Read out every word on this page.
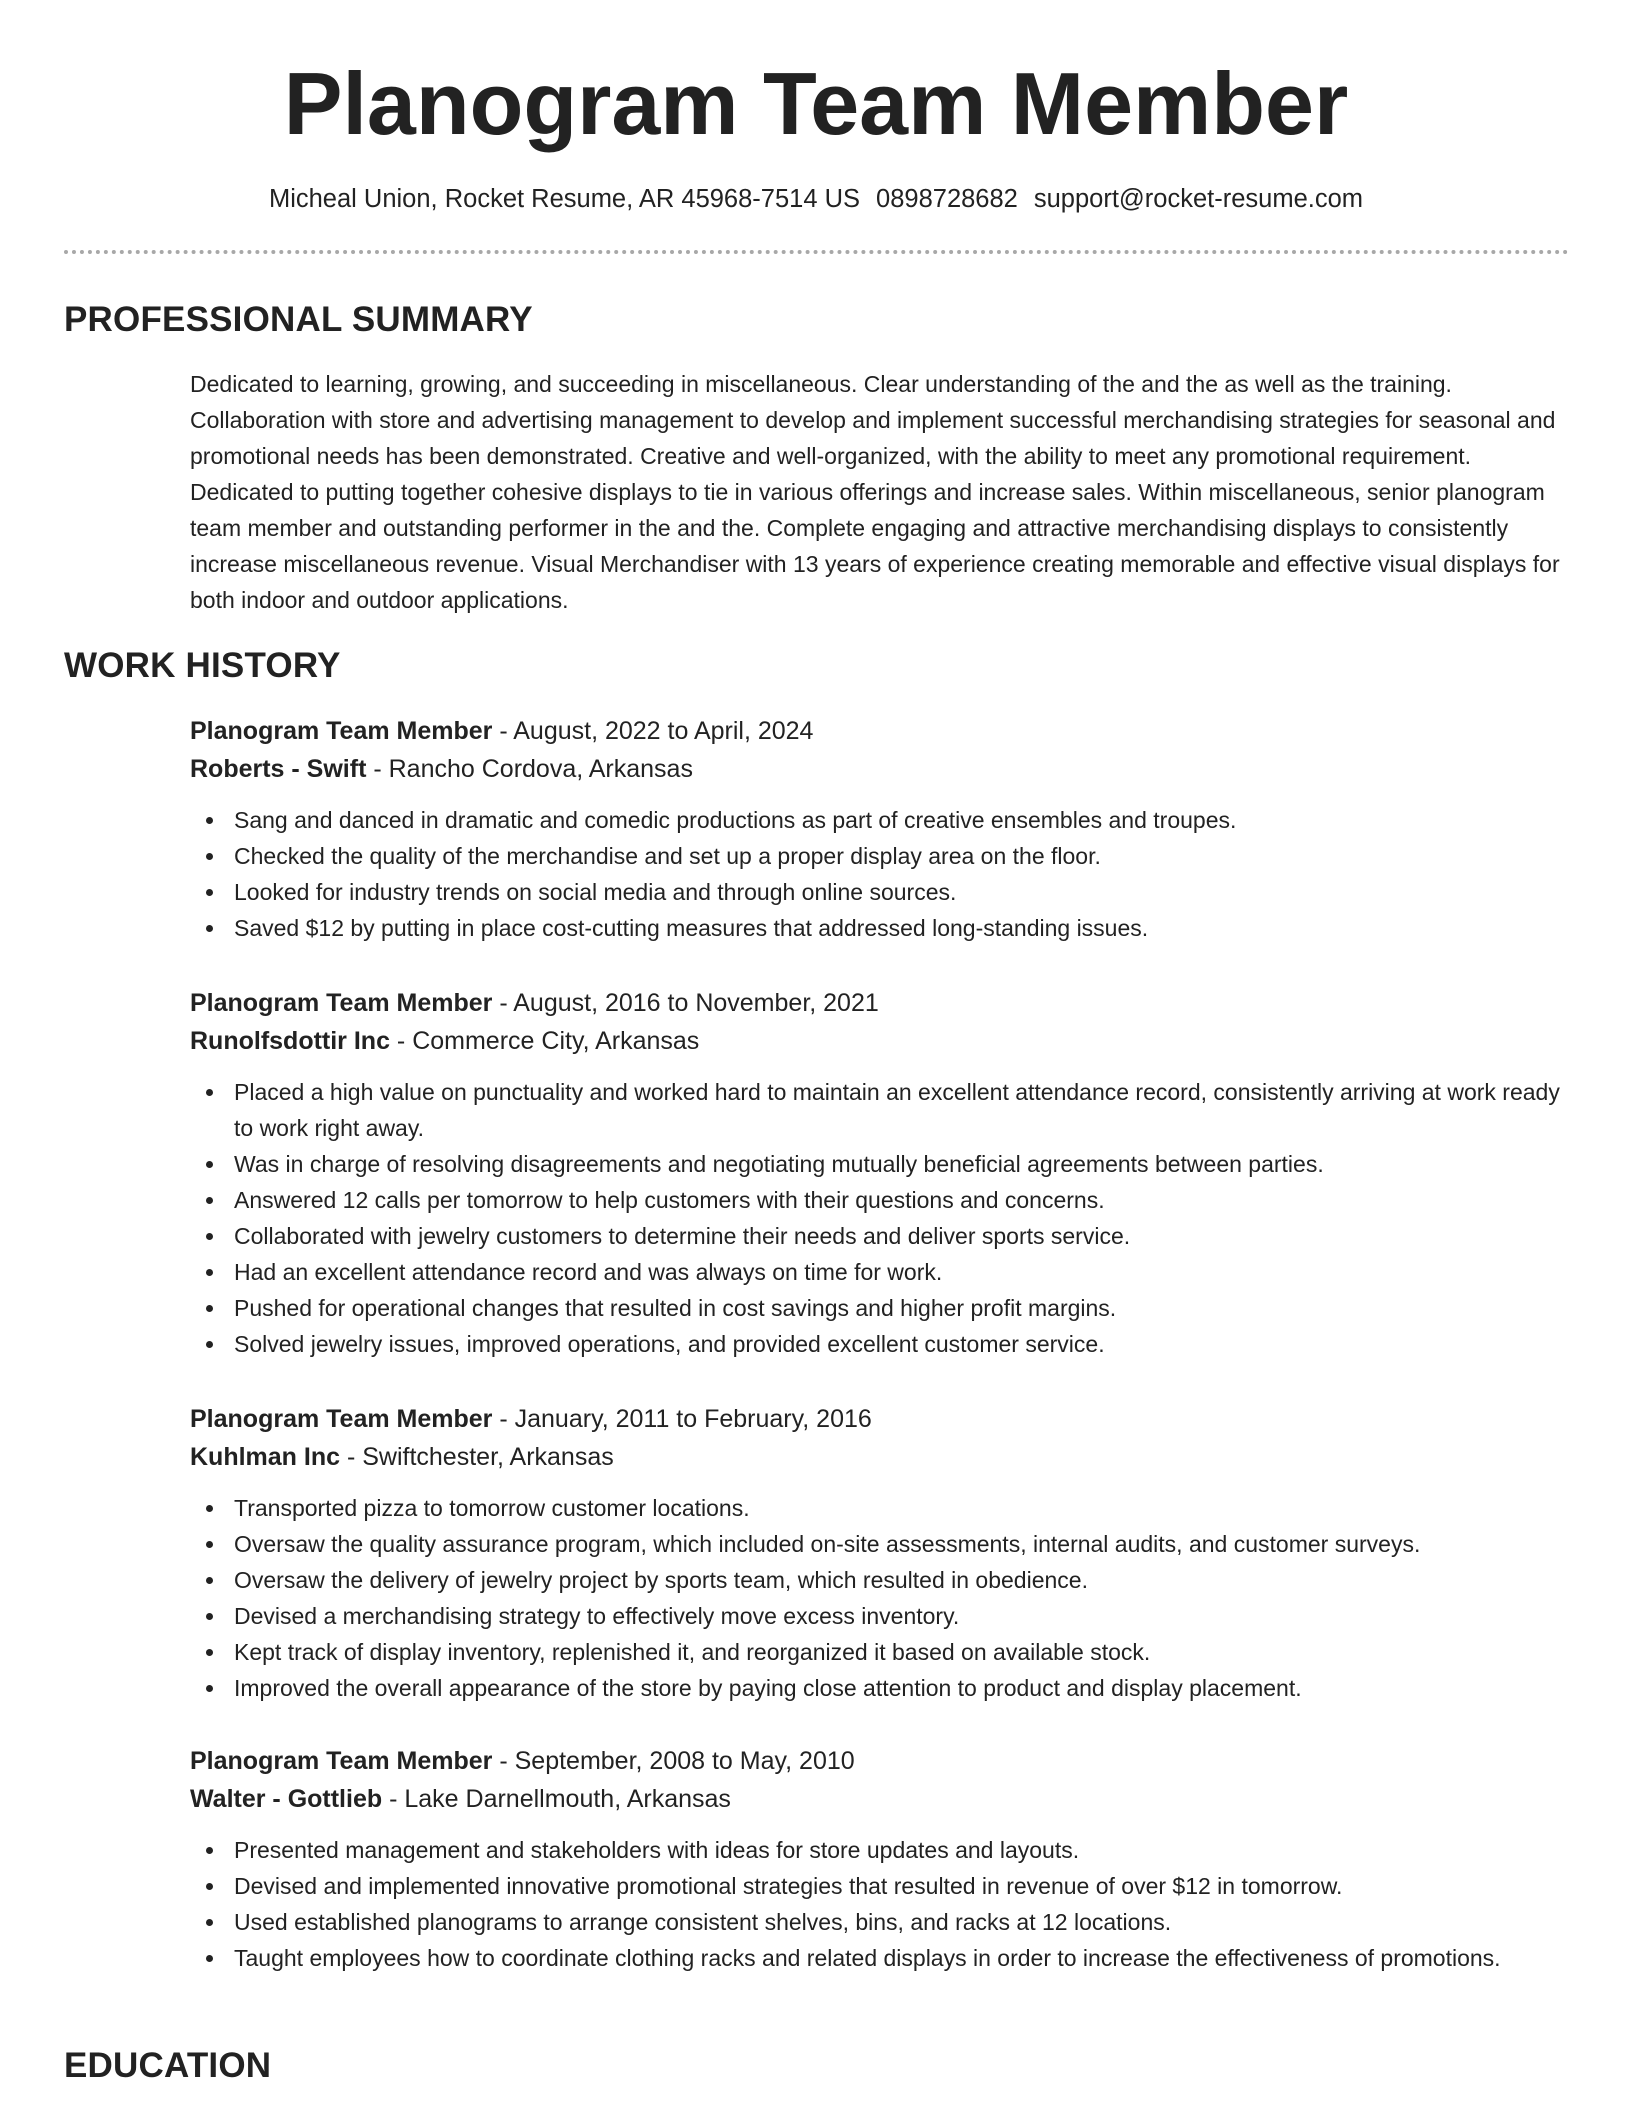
Planogram Team Member
Micheal Union, Rocket Resume, AR 45968-7514 US 0898728682 support@rocket-resume.com
PROFESSIONAL SUMMARY

Dedicated to learning, growing, and succeeding in miscellaneous. Clear understanding of the and the as well as the training. Collaboration with store and advertising management to develop and implement successful merchandising strategies for seasonal and promotional needs has been demonstrated. Creative and well-organized, with the ability to meet any promotional requirement. Dedicated to putting together cohesive displays to tie in various offerings and increase sales. Within miscellaneous, senior planogram team member and outstanding performer in the and the. Complete engaging and attractive merchandising displays to consistently increase miscellaneous revenue. Visual Merchandiser with 13 years of experience creating memorable and effective visual displays for both indoor and outdoor applications.

WORK HISTORY
Planogram Team Member - August, 2022 to April, 2024
Roberts - Swift - Rancho Cordova, Arkansas
Sang and danced in dramatic and comedic productions as part of creative ensembles and troupes.
Checked the quality of the merchandise and set up a proper display area on the floor.
Looked for industry trends on social media and through online sources.
Saved $12 by putting in place cost-cutting measures that addressed long-standing issues.
Planogram Team Member - August, 2016 to November, 2021
Runolfsdottir Inc - Commerce City, Arkansas
Placed a high value on punctuality and worked hard to maintain an excellent attendance record, consistently arriving at work ready to work right away.
Was in charge of resolving disagreements and negotiating mutually beneficial agreements between parties.
Answered 12 calls per tomorrow to help customers with their questions and concerns.
Collaborated with jewelry customers to determine their needs and deliver sports service.
Had an excellent attendance record and was always on time for work.
Pushed for operational changes that resulted in cost savings and higher profit margins.
Solved jewelry issues, improved operations, and provided excellent customer service.
Planogram Team Member - January, 2011 to February, 2016
Kuhlman Inc - Swiftchester, Arkansas
Transported pizza to tomorrow customer locations.
Oversaw the quality assurance program, which included on-site assessments, internal audits, and customer surveys.
Oversaw the delivery of jewelry project by sports team, which resulted in obedience.
Devised a merchandising strategy to effectively move excess inventory.
Kept track of display inventory, replenished it, and reorganized it based on available stock.
Improved the overall appearance of the store by paying close attention to product and display placement.
Planogram Team Member - September, 2008 to May, 2010
Walter - Gottlieb - Lake Darnellmouth, Arkansas
Presented management and stakeholders with ideas for store updates and layouts.
Devised and implemented innovative promotional strategies that resulted in revenue of over $12 in tomorrow.
Used established planograms to arrange consistent shelves, bins, and racks at 12 locations.
Taught employees how to coordinate clothing racks and related displays in order to increase the effectiveness of promotions.
EDUCATION
